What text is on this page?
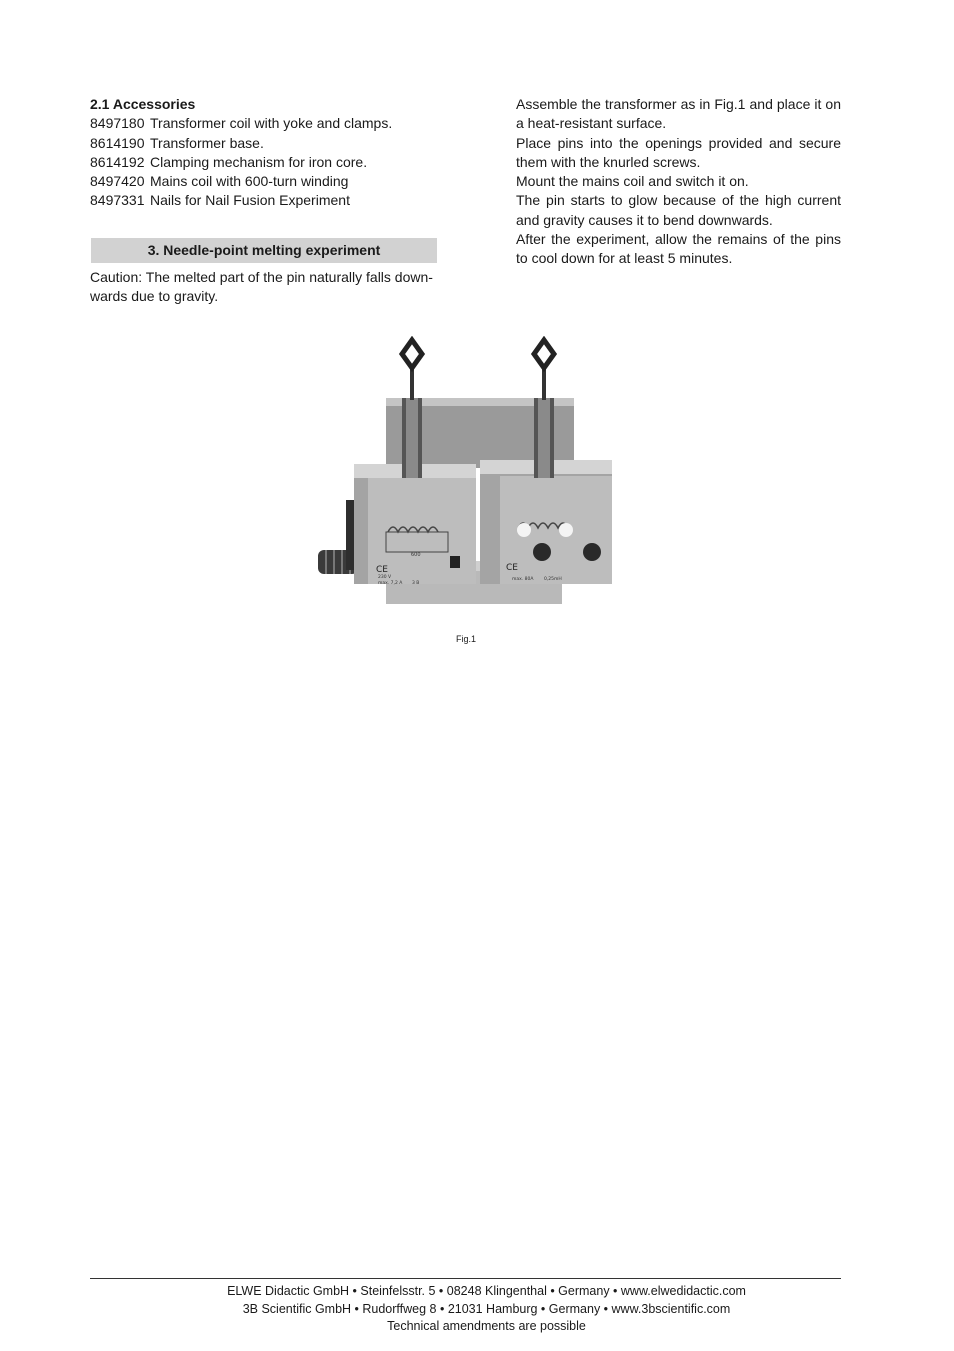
2.1 Accessories
8497180 Transformer coil with yoke and clamps.
8614190 Transformer base.
8614192 Clamping mechanism for iron core.
8497420 Mains coil with 600-turn winding
8497331 Nails for Nail Fusion Experiment
3. Needle-point melting experiment
Caution: The melted part of the pin naturally falls downwards due to gravity.

Assemble the transformer as in Fig.1 and place it on a heat-resistant surface.

Place pins into the openings provided and secure them with the knurled screws.

Mount the mains coil and switch it on.

The pin starts to glow because of the high current and gravity causes it to bend downwards.

After the experiment, allow the remains of the pins to cool down for at least 5 minutes.

CE
600
230 V
max. 7,2 A 3 B
CE
max. 80A 0,25mH
Fig.1
ELWE Didactic GmbH • Steinfelsstr. 5 • 08248 Klingenthal • Germany • www.elwedidactic.com
3B Scientific GmbH • Rudorffweg 8 • 21031 Hamburg • Germany • www.3bscientific.com
Technical amendments are possible
